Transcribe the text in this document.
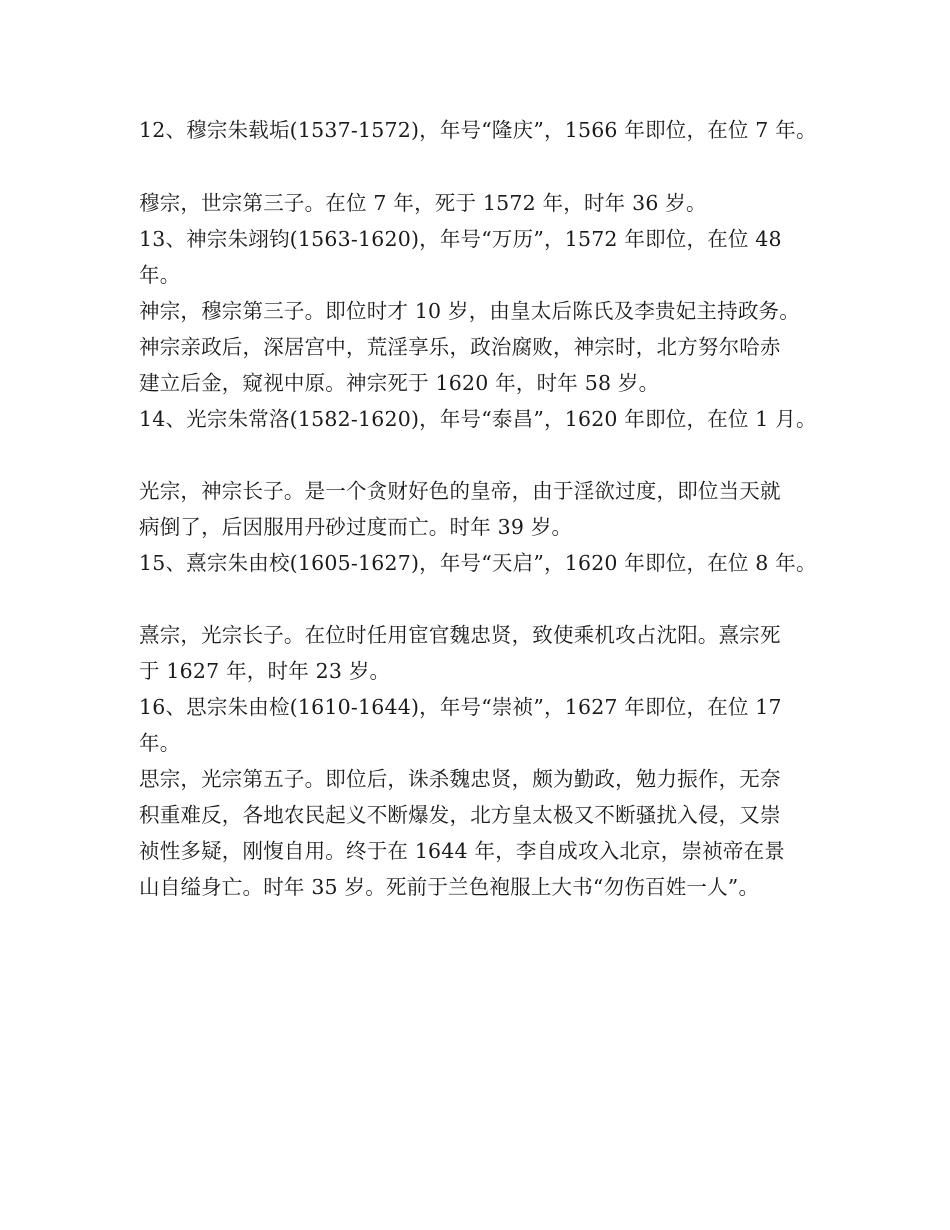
12、穆宗朱载垢(1537-1572)，年号“隆庆”，1566 年即位，在位 7 年。

穆宗，世宗第三子。在位 7 年，死于 1572 年，时年 36 岁。

13、神宗朱翊钧(1563-1620)，年号“万历”，1572 年即位，在位 48

年。

神宗，穆宗第三子。即位时才 10 岁，由皇太后陈氏及李贵妃主持政务。

神宗亲政后，深居宫中，荒淫享乐，政治腐败，神宗时，北方努尔哈赤

建立后金，窥视中原。神宗死于 1620 年，时年 58 岁。

14、光宗朱常洛(1582-1620)，年号“泰昌”，1620 年即位，在位 1 月。

光宗，神宗长子。是一个贪财好色的皇帝，由于淫欲过度，即位当天就

病倒了，后因服用丹砂过度而亡。时年 39 岁。

15、熹宗朱由校(1605-1627)，年号“天启”，1620 年即位，在位 8 年。

熹宗，光宗长子。在位时任用宦官魏忠贤，致使乘机攻占沈阳。熹宗死

于 1627 年，时年 23 岁。

16、思宗朱由检(1610-1644)，年号“崇祯”，1627 年即位，在位 17

年。

思宗，光宗第五子。即位后，诛杀魏忠贤，颇为勤政，勉力振作，无奈

积重难反，各地农民起义不断爆发，北方皇太极又不断骚扰入侵，又崇

祯性多疑，刚愎自用。终于在 1644 年，李自成攻入北京，崇祯帝在景

山自缢身亡。时年 35 岁。死前于兰色袍服上大书“勿伤百姓一人”。
